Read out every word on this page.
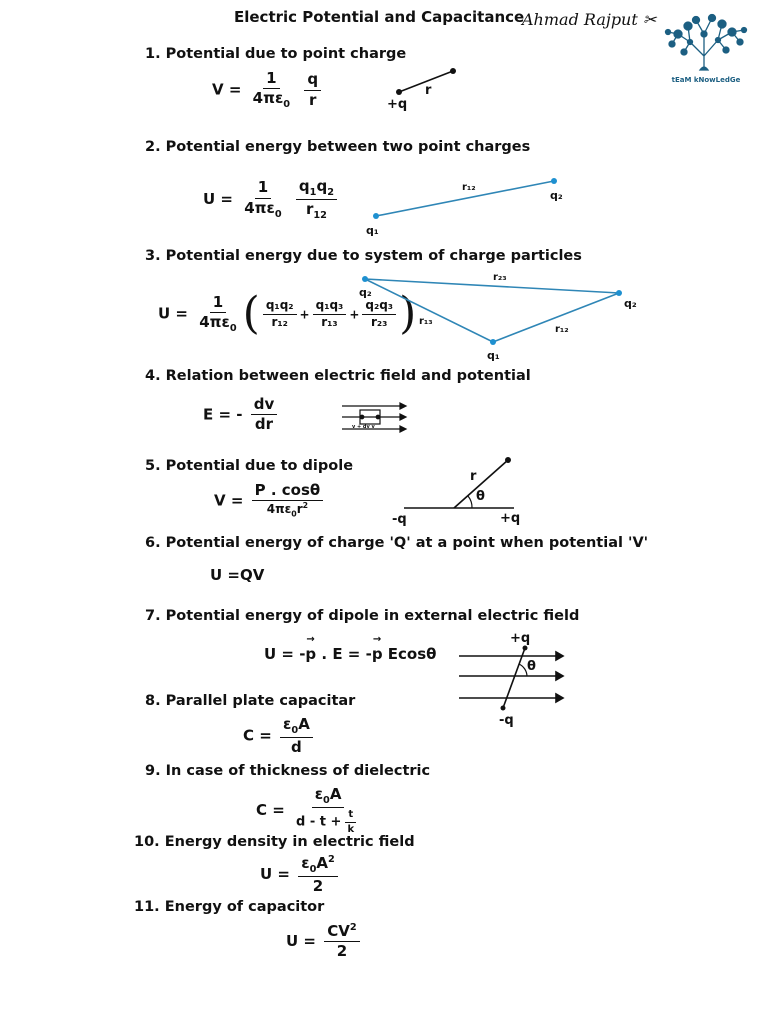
Electric Potential and Capacitance
Ahmad Rajput ✂
tEaM kNowLedGe
1. Potential due to point charge
$V = \frac{1}{4\pi\varepsilon_0}$
$\frac{q}{r}$	r
+q
2. Potential energy between two point charges
$U = \frac{1}{4\pi\varepsilon_0}$
$\frac{q_1q_2}{r_{12}}$	r₁₂
q₁
q₂
3. Potential energy due to system of charge particles
$U = \frac{1}{4\pi\varepsilon_0}$ ( $\frac{\text{q₁q₂}}{\text{r₁₂}} + \frac{\text{q₁q₃}}{\text{r₁₃}} + \frac{\text{q₂q₃}}{\text{r₂₃}}$ )
r₂₃
r₁₃
r₁₂
q₂
q₂
q₁
4. Relation between electric field and potential
E = - $\frac{dv}{dr}$	v + dv v
5. Potential due to dipole
$V = \frac{P . \cos\theta}{4\pi\varepsilon_0r^2}$
r
θ
-q	+q
6. Potential energy of charge 'Q' at a point when potential 'V'
U =QV
7. Potential energy of dipole in external electric field
U = -→ p . E = -→ p Ecosθ
+q
θ
-q
8. Parallel plate capacitar
$C = \frac{\varepsilon_0A}{d}$
9. In case of thickness of dielectric
$C = \frac{\varepsilon_0A}{d - t + \frac{t}{k}}$
10. Energy density in electric field
$U = \frac{\varepsilon_0A^2}{2}$
11. Energy of capacitor
$U = \frac{CV^2}{2}$
